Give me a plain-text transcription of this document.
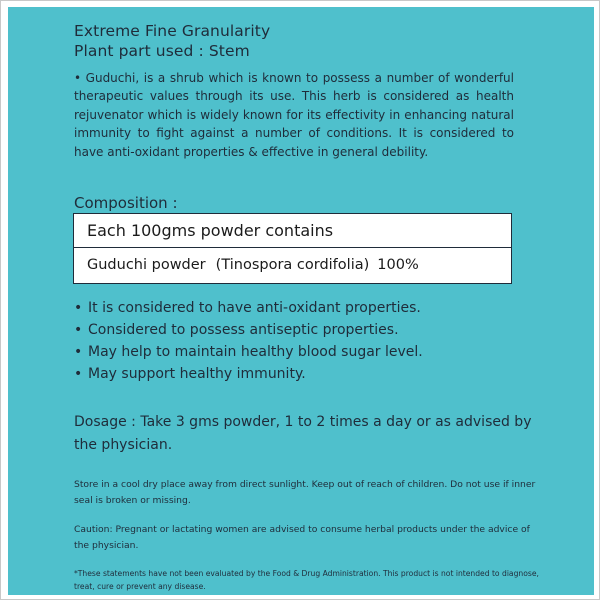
Extreme Fine Granularity
Plant part used : Stem

• Guduchi, is a shrub which is known to possess a number of wonderful therapeutic values through its use. This herb is considered as health rejuvenator which is widely known for its effectivity in enhancing natural immunity to fight against a number of conditions. It is considered to have anti-oxidant properties & effective in general debility.

Composition :
Each 100gms powder contains
Guduchi powder (Tinospora cordifolia) 100%
• It is considered to have anti-oxidant properties.
• Considered to possess antiseptic properties.
• May help to maintain healthy blood sugar level.
• May support healthy immunity.

Dosage : Take 3 gms powder, 1 to 2 times a day or as advised by the physician.

Store in a cool dry place away from direct sunlight. Keep out of reach of children. Do not use if inner seal is broken or missing.

Caution: Pregnant or lactating women are advised to consume herbal products under the advice of the physician.

*These statements have not been evaluated by the Food & Drug Administration. This product is not intended to diagnose, treat, cure or prevent any disease.
